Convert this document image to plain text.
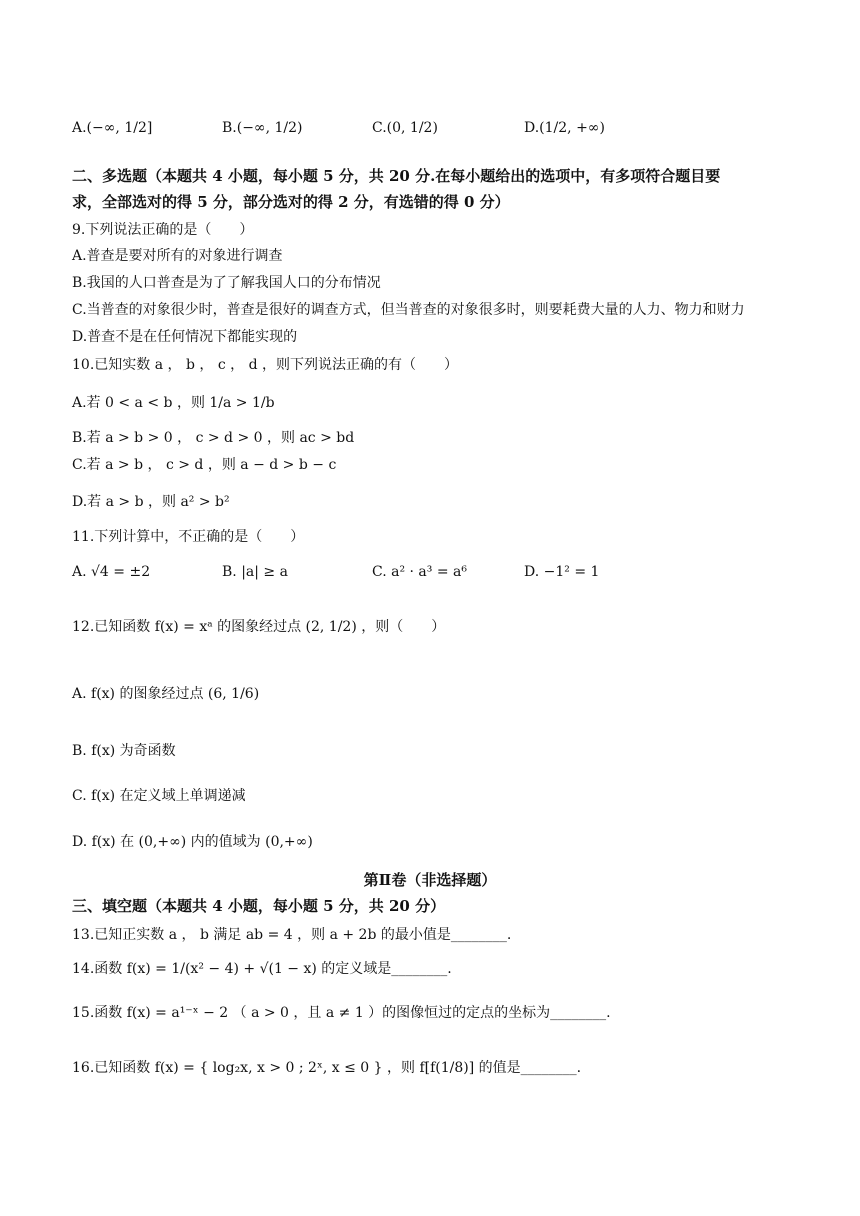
A.(−∞, 1/2]	B.(−∞, 1/2)	C.(0, 1/2)	D.(1/2, +∞)
二、多选题（本题共 4 小题，每小题 5 分，共 20 分.在每小题给出的选项中，有多项符合题目要
求，全部选对的得 5 分，部分选对的得 2 分，有选错的得 0 分）
9.下列说法正确的是（　　）
A.普查是要对所有的对象进行调查
B.我国的人口普查是为了了解我国人口的分布情况
C.当普查的对象很少时，普查是很好的调查方式，但当普查的对象很多时，则要耗费大量的人力、物力和财力
D.普查不是在任何情况下都能实现的
10.已知实数 a ， b ， c ， d ，则下列说法正确的有（　　）
A.若 0 < a < b ，则 1/a > 1/b
B.若 a > b > 0 ， c > d > 0 ，则 ac > bd
C.若 a > b ， c > d ，则 a − d > b − c
D.若 a > b ，则 a² > b²
11.下列计算中，不正确的是（　　）
A. √4 = ±2	B. |a| ≥ a	C. a² · a³ = a⁶	D. −1² = 1
12.已知函数 f(x) = xᵃ 的图象经过点 (2, 1/2) ，则（　　）
A. f(x) 的图象经过点 (6, 1/6)
B. f(x) 为奇函数
C. f(x) 在定义域上单调递减
D. f(x) 在 (0,+∞) 内的值域为 (0,+∞)
第Ⅱ卷（非选择题）
三、填空题（本题共 4 小题，每小题 5 分，共 20 分）
13.已知正实数 a ， b 满足 ab = 4 ，则 a + 2b 的最小值是________.
14.函数 f(x) = 1/(x² − 4) + √(1 − x) 的定义域是________.
15.函数 f(x) = a¹⁻ˣ − 2 （ a > 0 ，且 a ≠ 1 ）的图像恒过的定点的坐标为________.
16.已知函数 f(x) = { log₂x, x > 0 ; 2ˣ, x ≤ 0 } ，则 f[f(1/8)] 的值是________.
